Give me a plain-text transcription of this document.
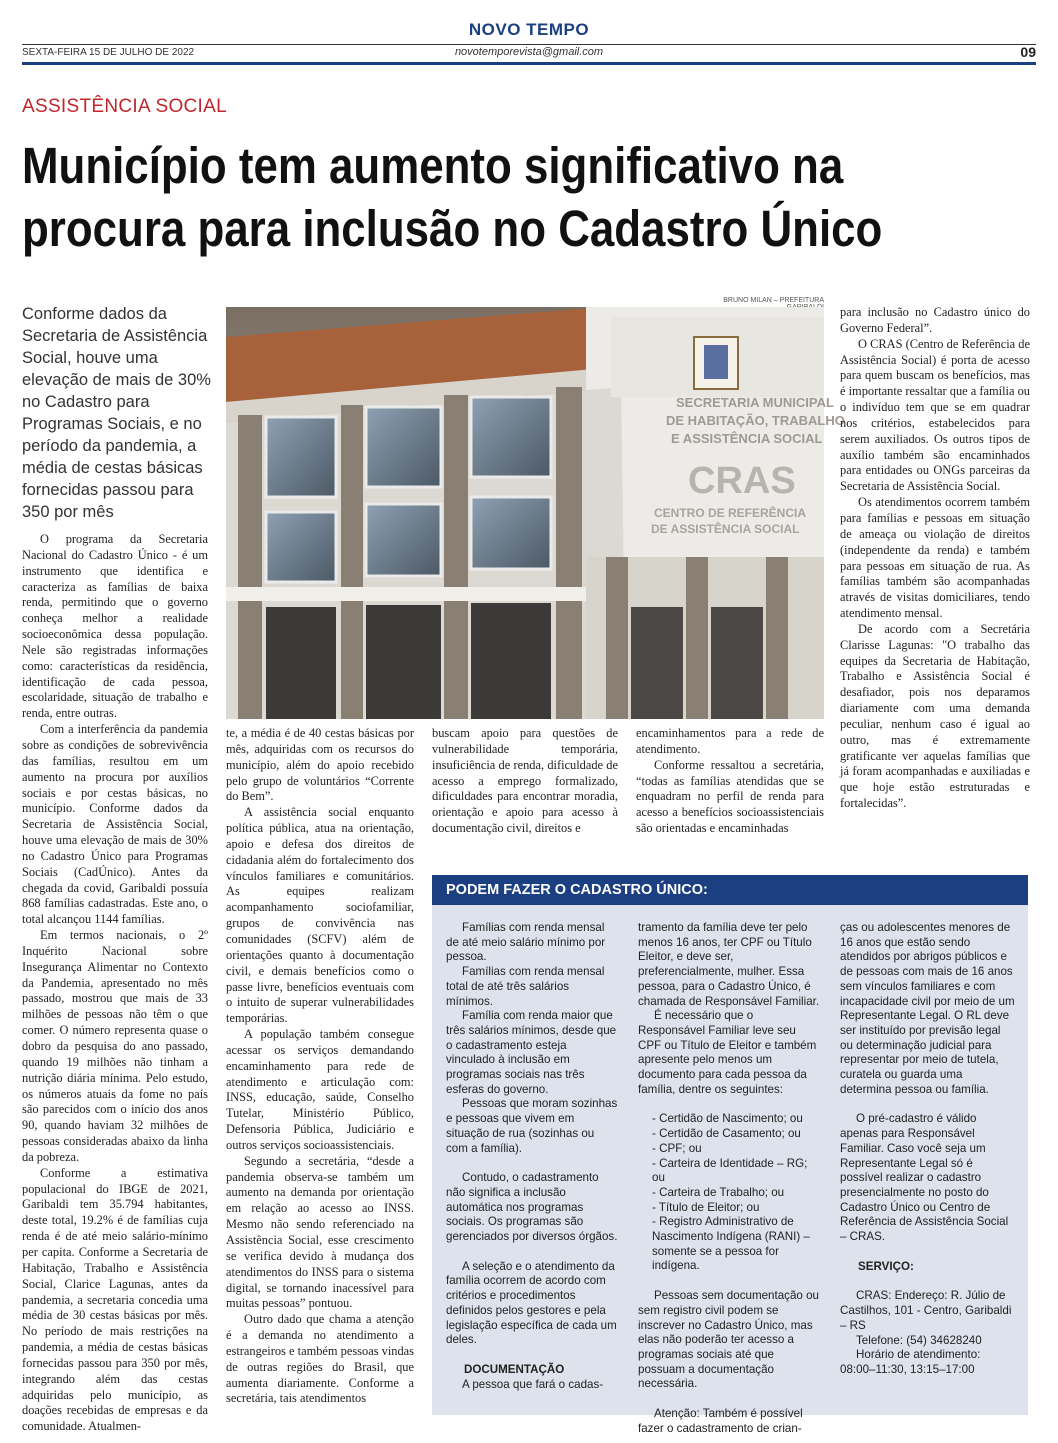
NOVO TEMPO
SEXTA-FEIRA 15 DE JULHO DE 2022	novotemporevista@gmail.com	09
ASSISTÊNCIA SOCIAL
Município tem aumento significativo na
procura para inclusão no Cadastro Único
Conforme dados da Secretaria de Assistência Social, houve uma elevação de mais de 30% no Cadastro para Programas Sociais, e no período da pandemia, a média de cestas básicas fornecidas passou para 350 por mês
BRUNO MILAN – PREFEITURA
SECRETARIA MUNICIPAL
DE HABITAÇÃO, TRABALHO
E ASSISTÊNCIA SOCIAL
CRAS
CENTRO DE REFERÊNCIA
DE ASSISTÊNCIA SOCIAL

O programa da Secretaria Nacional do Cadastro Único - é um instrumento que identifica e caracteriza as famílias de baixa renda, permitindo que o governo conheça melhor a realidade socioeconômica dessa população. Nele são registradas informações como: características da residência, identificação de cada pessoa, escolaridade, situação de trabalho e renda, entre outras.

Com a interferência da pandemia sobre as condições de sobrevivência das famílias, resultou em um aumento na procura por auxílios sociais e por cestas básicas, no município. Conforme dados da Secretaria de Assistência Social, houve uma elevação de mais de 30% no Cadastro Único para Programas Sociais (CadÚnico). Antes da chegada da covid, Garibaldi possuía 868 famílias cadastradas. Este ano, o total alcançou 1144 famílias.

Em termos nacionais, o 2º Inquérito Nacional sobre Insegurança Alimentar no Contexto da Pandemia, apresentado no mês passado, mostrou que mais de 33 milhões de pessoas não têm o que comer. O número representa quase o dobro da pesquisa do ano passado, quando 19 milhões não tinham a nutrição diária mínima. Pelo estudo, os números atuais da fome no país são parecidos com o início dos anos 90, quando haviam 32 milhões de pessoas consideradas abaixo da linha da pobreza.

Conforme a estimativa populacional do IBGE de 2021, Garibaldi tem 35.794 habitantes, deste total, 19.2% é de famílias cuja renda é de até meio salário-mínimo per capita. Conforme a Secretaria de Habitação, Trabalho e Assistência Social, Clarice Lagunas, antes da pandemia, a secretaria concedia uma média de 30 cestas básicas por mês. No período de mais restrições na pandemia, a média de cestas básicas fornecidas passou para 350 por mês, integrando além das cestas adquiridas pelo município, as doações recebidas de empresas e da comunidade. Atualmen-

te, a média é de 40 cestas básicas por mês, adquiridas com os recursos do município, além do apoio recebido pelo grupo de voluntários “Corrente do Bem”.

A assistência social enquanto política pública, atua na orientação, apoio e defesa dos direitos de cidadania além do fortalecimento dos vínculos familiares e comunitários. As equipes realizam acompanhamento sociofamiliar, grupos de convivência nas comunidades (SCFV) além de orientações quanto à documentação civil, e demais benefícios como o passe livre, benefícios eventuais com o intuito de superar vulnerabilidades temporárias.

A população também consegue acessar os serviços demandando encaminhamento para rede de atendimento e articulação com: INSS, educação, saúde, Conselho Tutelar, Ministério Público, Defensoria Pública, Judiciário e outros serviços socioassistenciais.

Segundo a secretária, “desde a pandemia observa-se também um aumento na demanda por orientação em relação ao acesso ao INSS. Mesmo não sendo referenciado na Assistência Social, esse crescimento se verifica devido à mudança dos atendimentos do INSS para o sistema digital, se tornando inacessível para muitas pessoas” pontuou.

Outro dado que chama a atenção é a demanda no atendimento a estrangeiros e também pessoas vindas de outras regiões do Brasil, que aumenta diariamente. Conforme a secretária, tais atendimentos

buscam apoio para questões de vulnerabilidade temporária, insuficiência de renda, dificuldade de acesso a emprego formalizado, dificuldades para encontrar moradia, orientação e apoio para acesso à documentação civil, direitos e

encaminhamentos para a rede de atendimento.

Conforme ressaltou a secretária, “todas as famílias atendidas que se enquadram no perfil de renda para acesso a benefícios socioassistenciais são orientadas e encaminhadas

para inclusão no Cadastro único do Governo Federal”.

O CRAS (Centro de Referência de Assistência Social) é porta de acesso para quem buscam os benefícios, mas é importante ressaltar que a família ou o indivíduo tem que se em quadrar nos critérios, estabelecidos para serem auxiliados. Os outros tipos de auxílio também são encaminhados para entidades ou ONGs parceiras da Secretaria de Assistência Social.

Os atendimentos ocorrem também para famílias e pessoas em situação de ameaça ou violação de direitos (independente da renda) e também para pessoas em situação de rua. As famílias também são acompanhadas através de visitas domiciliares, tendo atendimento mensal.

De acordo com a Secretária Clarisse Lagunas: "O trabalho das equipes da Secretaria de Habitação, Trabalho e Assistência Social é desafiador, pois nos deparamos diariamente com uma demanda peculiar, nenhum caso é igual ao outro, mas é extremamente gratificante ver aquelas famílias que já foram acompanhadas e auxiliadas e que hoje estão estruturadas e fortalecidas”.

PODEM FAZER O CADASTRO ÚNICO:

Famílias com renda mensal de até meio salário mínimo por pessoa.

Famílias com renda mensal total de até três salários mínimos.

Família com renda maior que três salários mínimos, desde que o cadastramento esteja vinculado à inclusão em programas sociais nas três esferas do governo.

Pessoas que moram sozinhas e pessoas que vivem em situação de rua (sozinhas ou com a família).

Contudo, o cadastramento não significa a inclusão automática nos programas sociais. Os programas são gerenciados por diversos órgãos.

A seleção e o atendimento da família ocorrem de acordo com critérios e procedimentos definidos pelos gestores e pela legislação específica de cada um deles.

DOCUMENTAÇÃO

A pessoa que fará o cadas-

tramento da família deve ter pelo menos 16 anos, ter CPF ou Título Eleitor, e deve ser, preferencialmente, mulher. Essa pessoa, para o Cadastro Único, é chamada de Responsável Familiar.

É necessário que o Responsável Familiar leve seu CPF ou Título de Eleitor e também apresente pelo menos um documento para cada pessoa da família, dentre os seguintes:

- Certidão de Nascimento; ou

- Certidão de Casamento; ou

- CPF; ou

- Carteira de Identidade – RG; ou

- Carteira de Trabalho; ou

- Título de Eleitor; ou

- Registro Administrativo de Nascimento Indígena (RANI) – somente se a pessoa for indígena.

Pessoas sem documentação ou sem registro civil podem se inscrever no Cadastro Único, mas elas não poderão ter acesso a programas sociais até que possuam a documentação necessária.

Atenção: Também é possível fazer o cadastramento de crian-

ças ou adolescentes menores de 16 anos que estão sendo atendidos por abrigos públicos e de pessoas com mais de 16 anos sem vínculos familiares e com incapacidade civil por meio de um Representante Legal. O RL deve ser instituído por previsão legal ou determinação judicial para representar por meio de tutela, curatela ou guarda uma determina pessoa ou família.

O pré-cadastro é válido apenas para Responsável Familiar. Caso você seja um Representante Legal só é possível realizar o cadastro presencialmente no posto do Cadastro Único ou Centro de Referência de Assistência Social – CRAS.

SERVIÇO:

CRAS: Endereço: R. Júlio de Castilhos, 101 - Centro, Garibaldi – RS

Telefone: (54) 34628240

Horário de atendimento: 08:00–11:30, 13:15–17:00
